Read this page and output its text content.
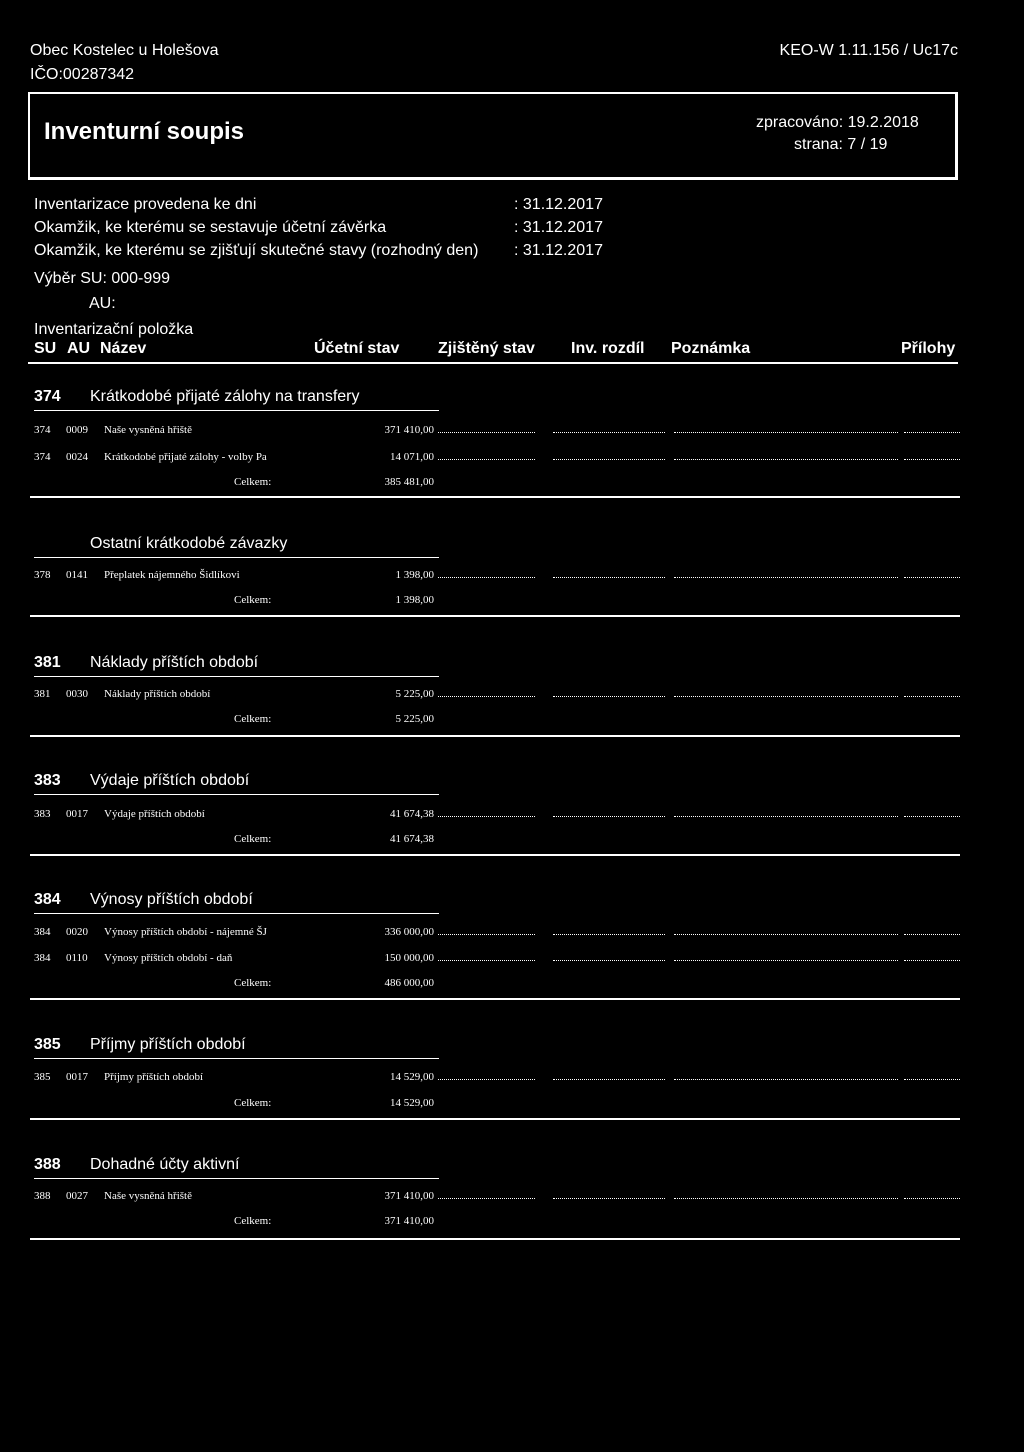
Obec Kostelec u Holešova
IČO:00287342
KEO-W 1.11.156 / Uc17c
Inventurní soupis	zpracováno: 19.2.2018
strana: 7 / 19
Inventarizace provedena ke dni	: 31.12.2017
Okamžik, ke kterému se sestavuje účetní závěrka	: 31.12.2017
Okamžik, ke kterému se zjišťují skutečné stavy (rozhodný den) : 31.12.2017
Výběr SU: 000-999
AU:
Inventarizační položka
SU AU Název	Účetní stav Zjištěný stav Inv. rozdíl Poznámka	Přílohy
374 Krátkodobé přijaté zálohy na transfery
374 0009 Naše vysněná hřiště	371 410,00
374 0024 Krátkodobé přijaté zálohy - volby Pa	14 071,00
Celkem:	385 481,00
Ostatní krátkodobé závazky
378 0141 Přeplatek nájemného Šidlíkovi	1 398,00
Celkem:	1 398,00
381 Náklady příštích období
381 0030 Náklady příštích období	5 225,00
Celkem:	5 225,00
383 Výdaje příštích období
383 0017 Výdaje příštích období	41 674,38
Celkem:	41 674,38
384 Výnosy příštích období
384 0020 Výnosy příštích období - nájemné ŠJ	336 000,00
384 0110 Výnosy příštích období - daň	150 000,00
Celkem:	486 000,00
385 Příjmy příštích období
385 0017 Příjmy příštích období	14 529,00
Celkem:	14 529,00
388 Dohadné účty aktivní
388 0027 Naše vysněná hřiště	371 410,00
Celkem:	371 410,00
